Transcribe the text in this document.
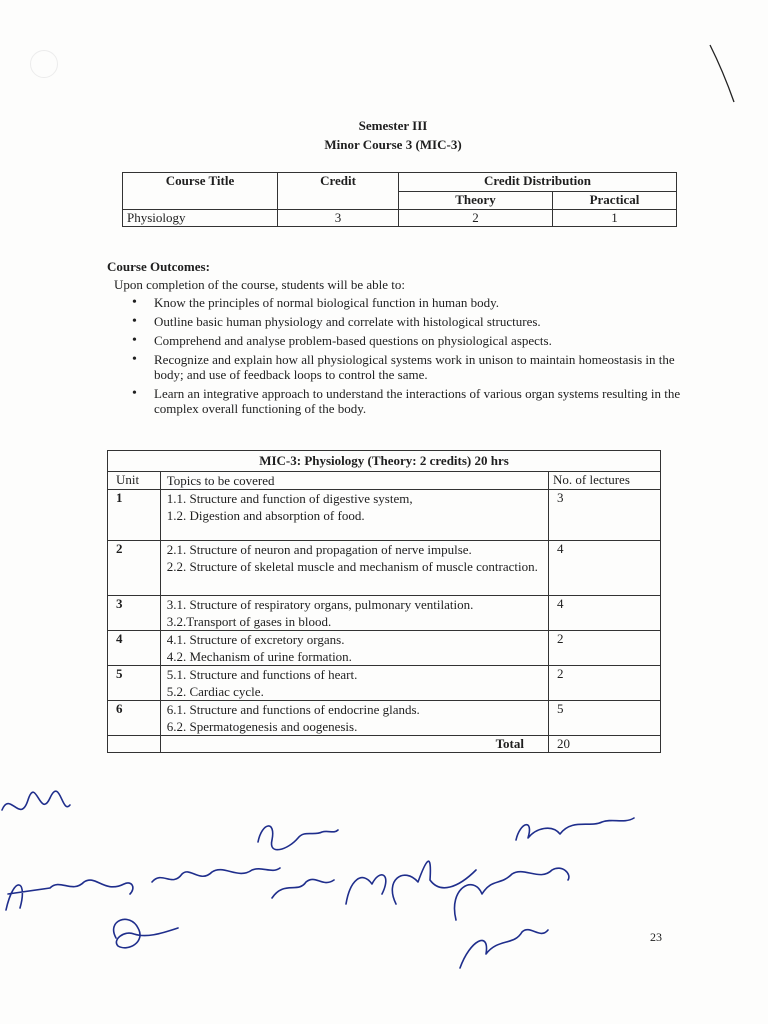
Semester III
Minor Course 3 (MIC-3)
Course Title	Credit	Credit Distribution	
		Theory	Practical
Physiology	3	2	1
Course Outcomes:
Upon completion of the course, students will be able to:
• Know the principles of normal biological function in human body.
• Outline basic human physiology and correlate with histological structures.
• Comprehend and analyse problem-based questions on physiological aspects.
• Recognize and explain how all physiological systems work in unison to maintain homeostasis in the body; and use of feedback loops to control the same.
• Learn an integrative approach to understand the interactions of various organ systems resulting in the complex overall functioning of the body.
MIC-3: Physiology (Theory: 2 credits) 20 hrs		
Unit	Topics to be covered	No. of lectures
1	1.1. Structure and function of digestive system,
1.2. Digestion and absorption of food.	3
2	2.1. Structure of neuron and propagation of nerve impulse.
2.2. Structure of skeletal muscle and mechanism of muscle contraction.	4
3	3.1. Structure of respiratory organs, pulmonary ventilation.
3.2.Transport of gases in blood.	4
4	4.1. Structure of excretory organs.
4.2. Mechanism of urine formation.	2
5	5.1. Structure and functions of heart.
5.2. Cardiac cycle.	2
6	6.1. Structure and functions of endocrine glands.
6.2. Spermatogenesis and oogenesis.	5
	Total	20
23
